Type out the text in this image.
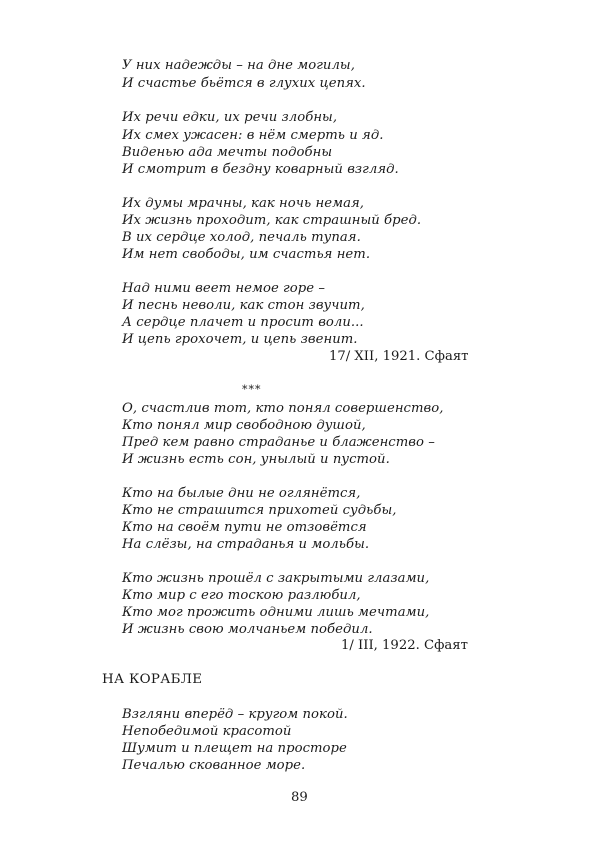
У них надежды – на дне могилы,
И счастье бьётся в глухих цепях.
Их речи едки, их речи злобны,
Их смех ужасен: в нём смерть и яд.
Виденью ада мечты подобны
И смотрит в бездну коварный взгляд.
Их думы мрачны, как ночь немая,
Их жизнь проходит, как страшный бред.
В их сердце холод, печаль тупая.
Им нет свободы, им счастья нет.
Над ними веет немое горе –
И песнь неволи, как стон звучит,
А сердце плачет и просит воли...
И цепь грохочет, и цепь звенит.
17/ XII, 1921. Сфаят
***
О, счастлив тот, кто понял совершенство,
Кто понял мир свободною душой,
Пред кем равно страданье и блаженство –
И жизнь есть сон, унылый и пустой.
Кто на былые дни не оглянётся,
Кто не страшится прихотей судьбы,
Кто на своём пути не отзовётся
На слёзы, на страданья и мольбы.
Кто жизнь прошёл с закрытыми глазами,
Кто мир с его тоскою разлюбил,
Кто мог прожить одними лишь мечтами,
И жизнь свою молчаньем победил.
1/ III, 1922. Сфаят
НА КОРАБЛЕ
Взгляни вперёд – кругом покой.
Непобедимой красотой
Шумит и плещет на просторе
Печалью скованное море.
89
